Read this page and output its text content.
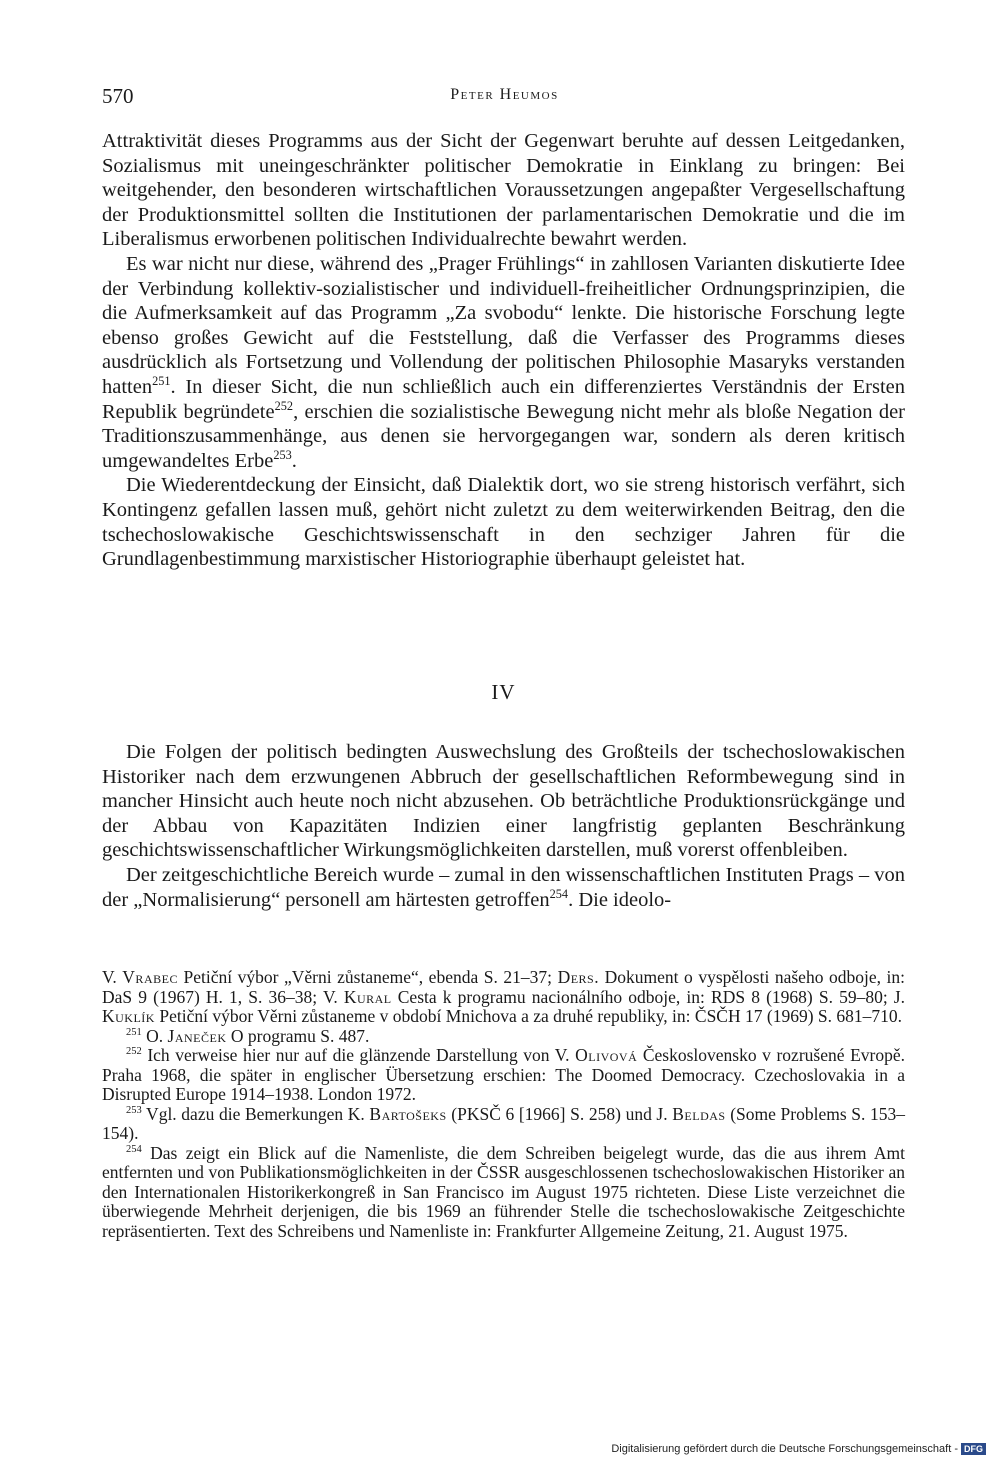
570	Peter Heumos

Attraktivität dieses Programms aus der Sicht der Gegenwart beruhte auf dessen Leitgedanken, Sozialismus mit uneingeschränkter politischer Demokratie in Einklang zu bringen: Bei weitgehender, den besonderen wirtschaftlichen Voraussetzungen angepaßter Vergesellschaftung der Produktionsmittel sollten die Institutionen der parlamentarischen Demokratie und die im Liberalismus erworbenen politischen Individualrechte bewahrt werden.

Es war nicht nur diese, während des „Prager Frühlings“ in zahllosen Varianten diskutierte Idee der Verbindung kollektiv-sozialistischer und individuell-freiheitlicher Ordnungsprinzipien, die die Aufmerksamkeit auf das Programm „Za svobodu“ lenkte. Die historische Forschung legte ebenso großes Gewicht auf die Feststellung, daß die Verfasser des Programms dieses ausdrücklich als Fortsetzung und Vollendung der politischen Philosophie Masaryks verstanden hatten$^{251}$. In dieser Sicht, die nun schließlich auch ein differenziertes Verständnis der Ersten Republik begründete$^{252}$, erschien die sozialistische Bewegung nicht mehr als bloße Negation der Traditionszusammenhänge, aus denen sie hervorgegangen war, sondern als deren kritisch umgewandeltes Erbe$^{253}$.

Die Wiederentdeckung der Einsicht, daß Dialektik dort, wo sie streng historisch verfährt, sich Kontingenz gefallen lassen muß, gehört nicht zuletzt zu dem weiterwirkenden Beitrag, den die tschechoslowakische Geschichtswissenschaft in den sechziger Jahren für die Grundlagenbestimmung marxistischer Historiographie überhaupt geleistet hat.

IV

Die Folgen der politisch bedingten Auswechslung des Großteils der tschechoslowakischen Historiker nach dem erzwungenen Abbruch der gesellschaftlichen Reformbewegung sind in mancher Hinsicht auch heute noch nicht abzusehen. Ob beträchtliche Produktionsrückgänge und der Abbau von Kapazitäten Indizien einer langfristig geplanten Beschränkung geschichtswissenschaftlicher Wirkungsmöglichkeiten darstellen, muß vorerst offenbleiben.

Der zeitgeschichtliche Bereich wurde – zumal in den wissenschaftlichen Instituten Prags – von der „Normalisierung“ personell am härtesten getroffen$^{254}$. Die ideolo-

V. Vrabec Petiční výbor „Věrni zůstaneme“, ebenda S. 21–37; Ders. Dokument o vyspělosti našeho odboje, in: DaS 9 (1967) H. 1, S. 36–38; V. Kural Cesta k programu nacionálního odboje, in: RDS 8 (1968) S. 59–80; J. Kuklík Petiční výbor Věrni zůstaneme v období Mnichova a za druhé republiky, in: ČSČH 17 (1969) S. 681–710.

$^{251}$ O. Janeček O programu S. 487.

$^{252}$ Ich verweise hier nur auf die glänzende Darstellung von V. Olivová Československo v rozrušené Evropě. Praha 1968, die später in englischer Übersetzung erschien: The Doomed Democracy. Czechoslovakia in a Disrupted Europe 1914–1938. London 1972.

$^{253}$ Vgl. dazu die Bemerkungen K. Bartošeks (PKSČ 6 [1966] S. 258) und J. Beldas (Some Problems S. 153–154).

$^{254}$ Das zeigt ein Blick auf die Namenliste, die dem Schreiben beigelegt wurde, das die aus ihrem Amt entfernten und von Publikationsmöglichkeiten in der ČSSR ausgeschlossenen tschechoslowakischen Historiker an den Internationalen Historikerkongreß in San Francisco im August 1975 richteten. Diese Liste verzeichnet die überwiegende Mehrheit derjenigen, die bis 1969 an führender Stelle die tschechoslowakische Zeitgeschichte repräsentierten. Text des Schreibens und Namenliste in: Frankfurter Allgemeine Zeitung, 21. August 1975.

Digitalisierung gefördert durch die Deutsche Forschungsgemeinschaft - DFG
